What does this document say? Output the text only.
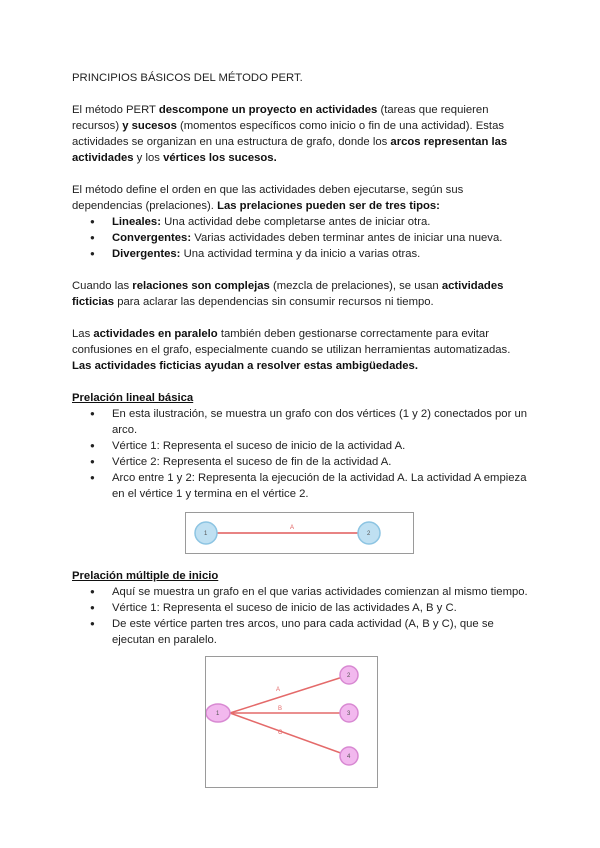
PRINCIPIOS BÁSICOS DEL MÉTODO PERT.

El método PERT descompone un proyecto en actividades (tareas que requieren recursos) y sucesos (momentos específicos como inicio o fin de una actividad). Estas actividades se organizan en una estructura de grafo, donde los arcos representan las actividades y los vértices los sucesos.

El método define el orden en que las actividades deben ejecutarse, según sus dependencias (prelaciones). Las prelaciones pueden ser de tres tipos:

● Lineales: Una actividad debe completarse antes de iniciar otra.
● Convergentes: Varias actividades deben terminar antes de iniciar una nueva.
● Divergentes: Una actividad termina y da inicio a varias otras.

Cuando las relaciones son complejas (mezcla de prelaciones), se usan actividades ficticias para aclarar las dependencias sin consumir recursos ni tiempo.

Las actividades en paralelo también deben gestionarse correctamente para evitar confusiones en el grafo, especialmente cuando se utilizan herramientas automatizadas. Las actividades ficticias ayudan a resolver estas ambigüedades.

Prelación lineal básica

● En esta ilustración, se muestra un grafo con dos vértices (1 y 2) conectados por un arco.
● Vértice 1: Representa el suceso de inicio de la actividad A.
● Vértice 2: Representa el suceso de fin de la actividad A.
● Arco entre 1 y 2: Representa la ejecución de la actividad A. La actividad A empieza en el vértice 1 y termina en el vértice 2.
A
1	2

Prelación múltiple de inicio

● Aquí se muestra un grafo en el que varias actividades comienzan al mismo tiempo.
● Vértice 1: Representa el suceso de inicio de las actividades A, B y C.
● De este vértice parten tres arcos, uno para cada actividad (A, B y C), que se ejecutan en paralelo.
A
B
C
1
2
3
4
